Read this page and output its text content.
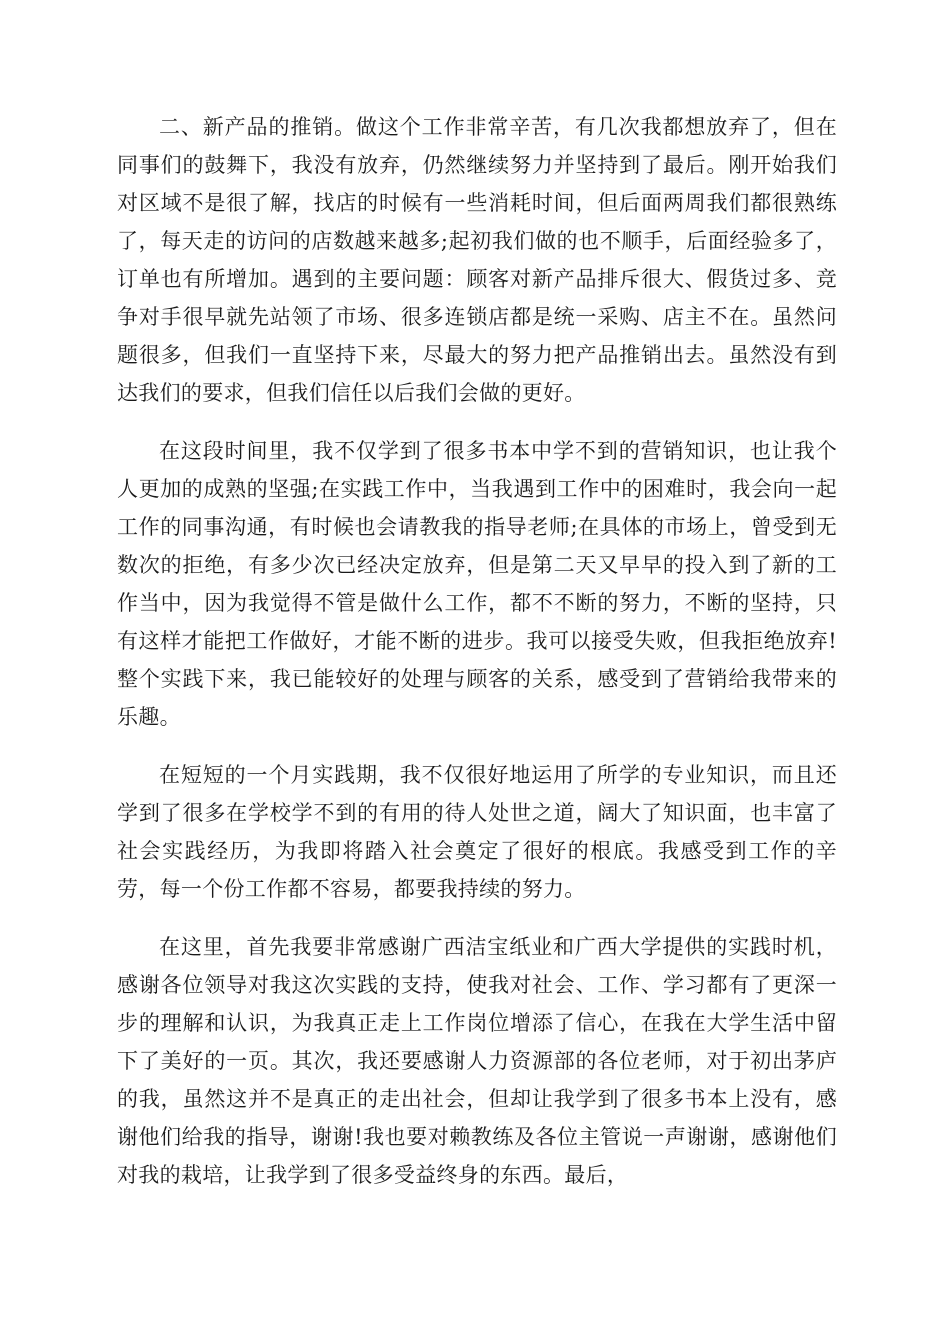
二、新产品的推销。做这个工作非常辛苦，有几次我都想放弃了，但在同事们的鼓舞下，我没有放弃，仍然继续努力并坚持到了最后。刚开始我们对区域不是很了解，找店的时候有一些消耗时间，但后面两周我们都很熟练了，每天走的访问的店数越来越多;起初我们做的也不顺手，后面经验多了，订单也有所增加。遇到的主要问题：顾客对新产品排斥很大、假货过多、竞争对手很早就先站领了市场、很多连锁店都是统一采购、店主不在。虽然问题很多，但我们一直坚持下来，尽最大的努力把产品推销出去。虽然没有到达我们的要求，但我们信任以后我们会做的更好。

在这段时间里，我不仅学到了很多书本中学不到的营销知识，也让我个人更加的成熟的坚强;在实践工作中，当我遇到工作中的困难时，我会向一起工作的同事沟通，有时候也会请教我的指导老师;在具体的市场上，曾受到无数次的拒绝，有多少次已经决定放弃，但是第二天又早早的投入到了新的工作当中，因为我觉得不管是做什么工作，都不不断的努力，不断的坚持，只有这样才能把工作做好，才能不断的进步。我可以接受失败，但我拒绝放弃!整个实践下来，我已能较好的处理与顾客的关系，感受到了营销给我带来的乐趣。

在短短的一个月实践期，我不仅很好地运用了所学的专业知识，而且还学到了很多在学校学不到的有用的待人处世之道，阔大了知识面，也丰富了社会实践经历，为我即将踏入社会奠定了很好的根底。我感受到工作的辛劳，每一个份工作都不容易，都要我持续的努力。

在这里，首先我要非常感谢广西洁宝纸业和广西大学提供的实践时机，感谢各位领导对我这次实践的支持，使我对社会、工作、学习都有了更深一步的理解和认识，为我真正走上工作岗位增添了信心，在我在大学生活中留下了美好的一页。其次，我还要感谢人力资源部的各位老师，对于初出茅庐的我，虽然这并不是真正的走出社会，但却让我学到了很多书本上没有，感谢他们给我的指导，谢谢!我也要对赖教练及各位主管说一声谢谢，感谢他们对我的栽培，让我学到了很多受益终身的东西。最后，
